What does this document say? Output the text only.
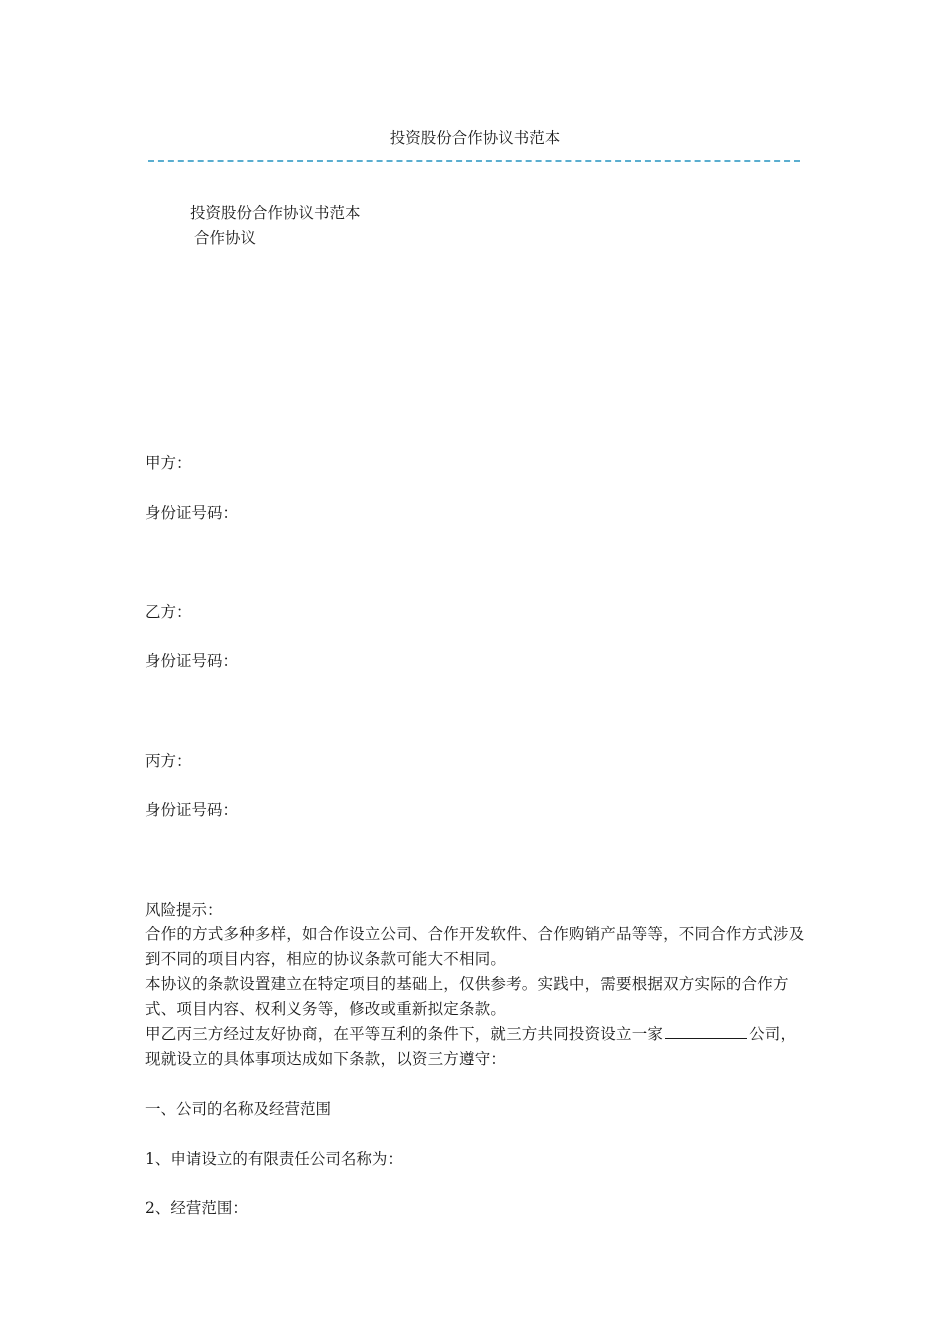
投资股份合作协议书范本
投资股份合作协议书范本
合作协议
甲方：
身份证号码：
乙方：
身份证号码：
丙方：
身份证号码：
风险提示：
合作的方式多种多样，如合作设立公司、合作开发软件、合作购销产品等等，不同合作方式涉及到不同的项目内容，相应的协议条款可能大不相同。
本协议的条款设置建立在特定项目的基础上，仅供参考。实践中，需要根据双方实际的合作方式、项目内容、权利义务等，修改或重新拟定条款。
甲乙丙三方经过友好协商，在平等互利的条件下，就三方共同投资设立一家	公司，现就设立的具体事项达成如下条款，以资三方遵守：
一、公司的名称及经营范围
1、申请设立的有限责任公司名称为：
2、经营范围：
